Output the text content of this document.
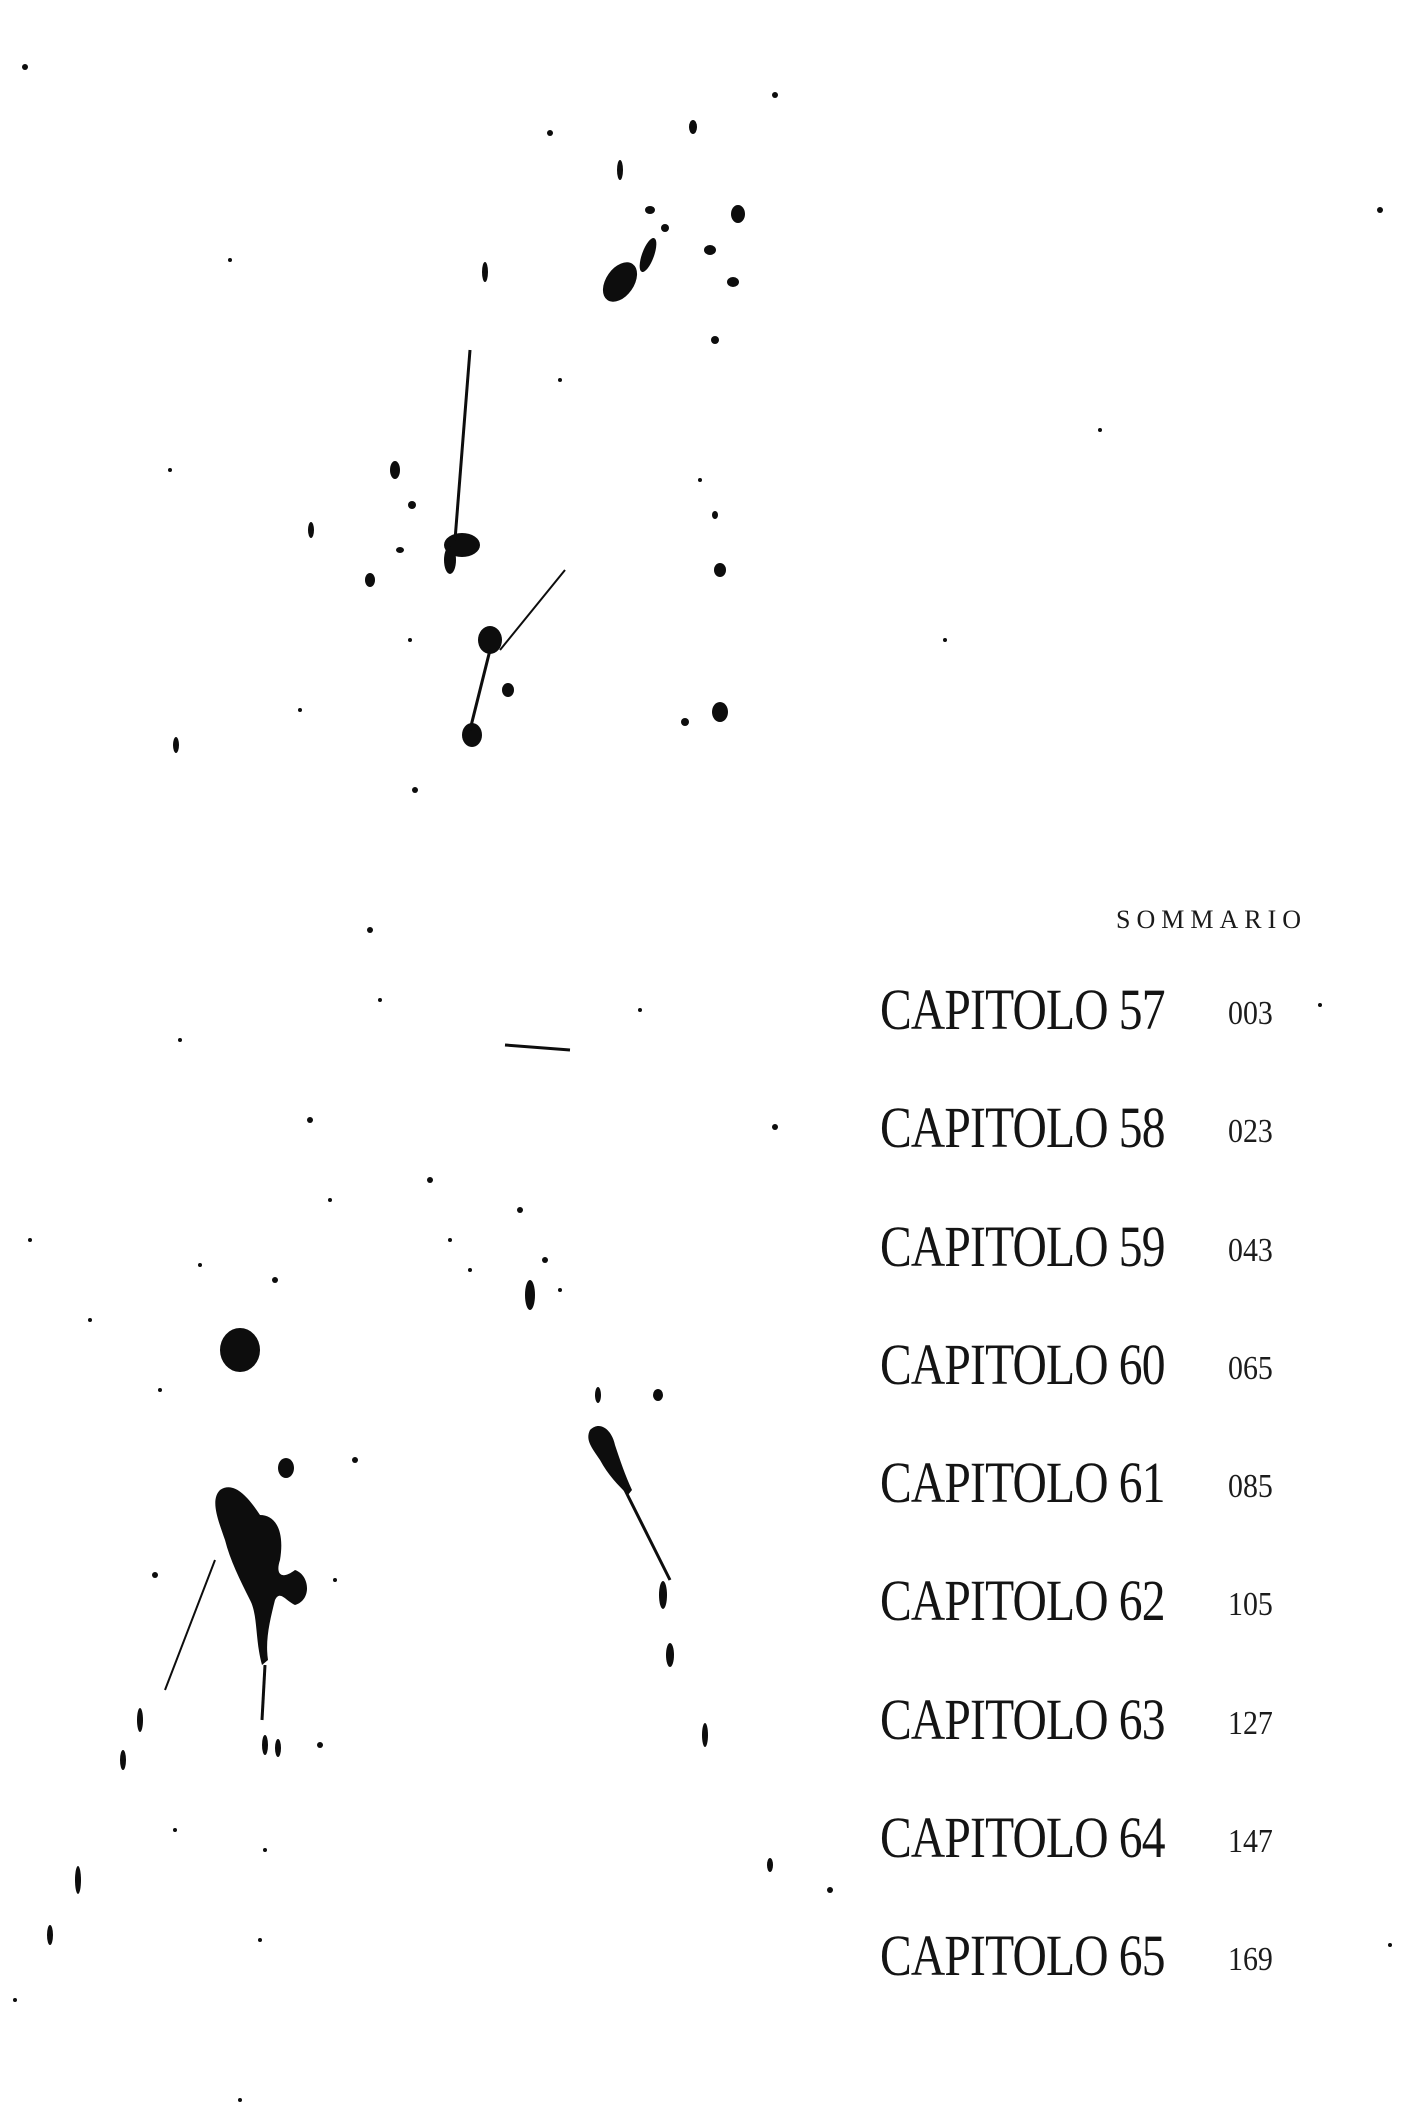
SOMMARIO
CAPITOLO 57 003
CAPITOLO 58 023
CAPITOLO 59 043
CAPITOLO 60 065
CAPITOLO 61 085
CAPITOLO 62 105
CAPITOLO 63 127
CAPITOLO 64 147
CAPITOLO 65 169
